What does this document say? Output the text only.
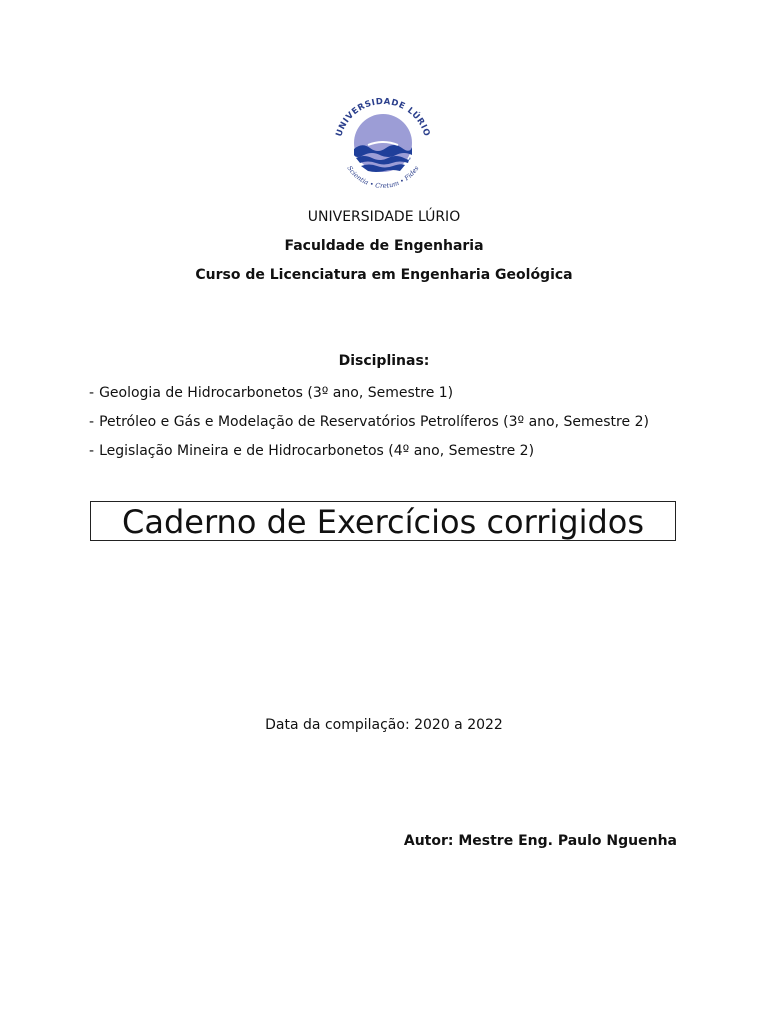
UNIVERSIDADE LÚRIO
Scientia • Cretum • Fides
UNIVERSIDADE LÚRIO
Faculdade de Engenharia
Curso de Licenciatura em Engenharia Geológica
Disciplinas:
- Geologia de Hidrocarbonetos (3º ano, Semestre 1)
- Petróleo e Gás e Modelação de Reservatórios Petrolíferos (3º ano, Semestre 2)
- Legislação Mineira e de Hidrocarbonetos (4º ano, Semestre 2)
Caderno de Exercícios corrigidos
Data da compilação: 2020 a 2022
Autor: Mestre Eng. Paulo Nguenha
